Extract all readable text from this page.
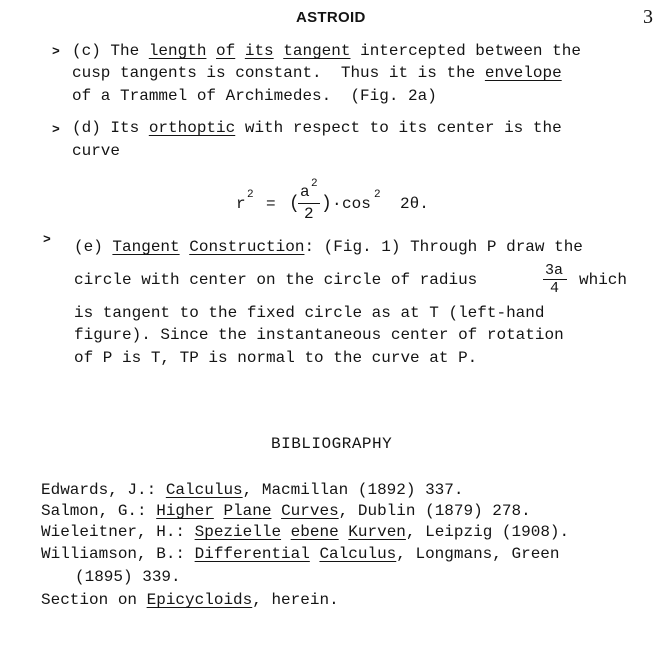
ASTROID	3
> (c) The length of its tangent intercepted between the
cusp tangents is constant.  Thus it is the envelope
of a Trammel of Archimedes.  (Fig. 2a)
> (d) Its orthoptic with respect to its center is the
curve
r 2 = (
a 2
2 ) · cos 2 2θ.
> (e) Tangent Construction: (Fig. 1) Through P draw the
circle with center on the circle of radius
3a
4 which
is tangent to the fixed circle as at T (left-hand
figure). Since the instantaneous center of rotation
of P is T, TP is normal to the curve at P.
BIBLIOGRAPHY
Edwards, J.: Calculus, Macmillan (1892) 337.
Salmon, G.: Higher Plane Curves, Dublin (1879) 278.
Wieleitner, H.: Spezielle ebene Kurven, Leipzig (1908).
Williamson, B.: Differential Calculus, Longmans, Green
(1895) 339.
Section on Epicycloids, herein.
